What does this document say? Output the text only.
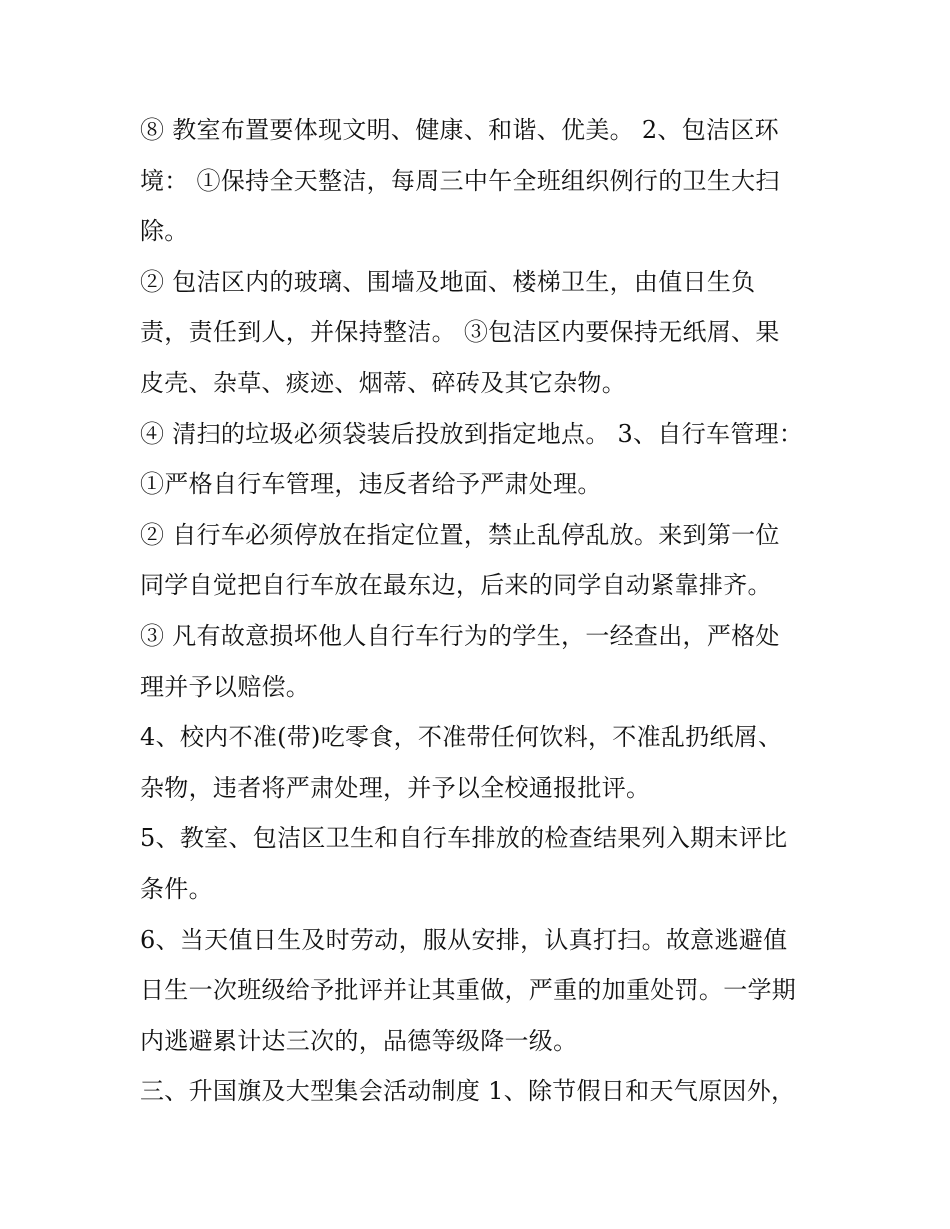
⑧ 教室布置要体现文明、健康、和谐、优美。 2、包洁区环
境： ①保持全天整洁，每周三中午全班组织例行的卫生大扫
除。
② 包洁区内的玻璃、围墙及地面、楼梯卫生，由值日生负
责，责任到人，并保持整洁。 ③包洁区内要保持无纸屑、果
皮壳、杂草、痰迹、烟蒂、碎砖及其它杂物。
④ 清扫的垃圾必须袋装后投放到指定地点。 3、自行车管理：
①严格自行车管理，违反者给予严肃处理。
② 自行车必须停放在指定位置，禁止乱停乱放。来到第一位
同学自觉把自行车放在最东边，后来的同学自动紧靠排齐。
③ 凡有故意损坏他人自行车行为的学生，一经查出，严格处
理并予以赔偿。
4、校内不准(带)吃零食，不准带任何饮料，不准乱扔纸屑、
杂物，违者将严肃处理，并予以全校通报批评。
5、教室、包洁区卫生和自行车排放的检查结果列入期末评比
条件。
6、当天值日生及时劳动，服从安排，认真打扫。故意逃避值
日生一次班级给予批评并让其重做，严重的加重处罚。一学期
内逃避累计达三次的，品德等级降一级。
三、升国旗及大型集会活动制度 1、除节假日和天气原因外，
